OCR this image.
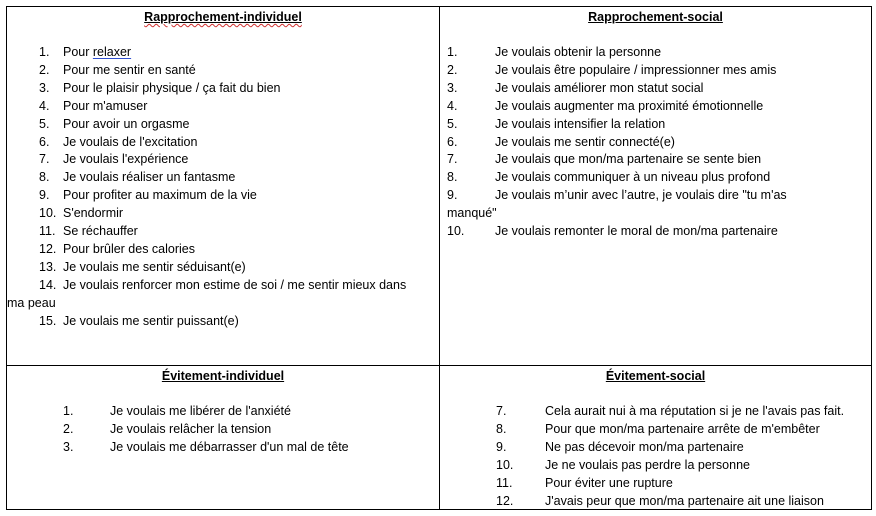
Rapprochement-individuel
1.	Pour relaxer
2.	Pour me sentir en santé
3.	Pour le plaisir physique / ça fait du bien
4.	Pour m'amuser
5.	Pour avoir un orgasme
6.	Je voulais de l'excitation
7.	Je voulais l'expérience
8.	Je voulais réaliser un fantasme
9.	Pour profiter au maximum de la vie
10. S'endormir
11. Se réchauffer
12. Pour brûler des calories
13. Je voulais me sentir séduisant(e)
14. Je voulais renforcer mon estime de soi / me sentir mieux dans
ma peau
15. Je voulais me sentir puissant(e)
Rapprochement-social
1.	Je voulais obtenir la personne
2.	Je voulais être populaire / impressionner mes amis
3.	Je voulais améliorer mon statut social
4.	Je voulais augmenter ma proximité émotionnelle
5.	Je voulais intensifier la relation
6.	Je voulais me sentir connecté(e)
7.	Je voulais que mon/ma partenaire se sente bien
8.	Je voulais communiquer à un niveau plus profond
9.	Je voulais m’unir avec l’autre, je voulais dire "tu m'as
manqué"
10.	Je voulais remonter le moral de mon/ma partenaire
Évitement-individuel
1.	Je voulais me libérer de l'anxiété
2.	Je voulais relâcher la tension
3.	Je voulais me débarrasser d'un mal de tête
Évitement-social
7.	Cela aurait nui à ma réputation si je ne l'avais pas fait.
8.	Pour que mon/ma partenaire arrête de m'embêter
9.	Ne pas décevoir mon/ma partenaire
10.	Je ne voulais pas perdre la personne
11.	Pour éviter une rupture
12.	J'avais peur que mon/ma partenaire ait une liaison
